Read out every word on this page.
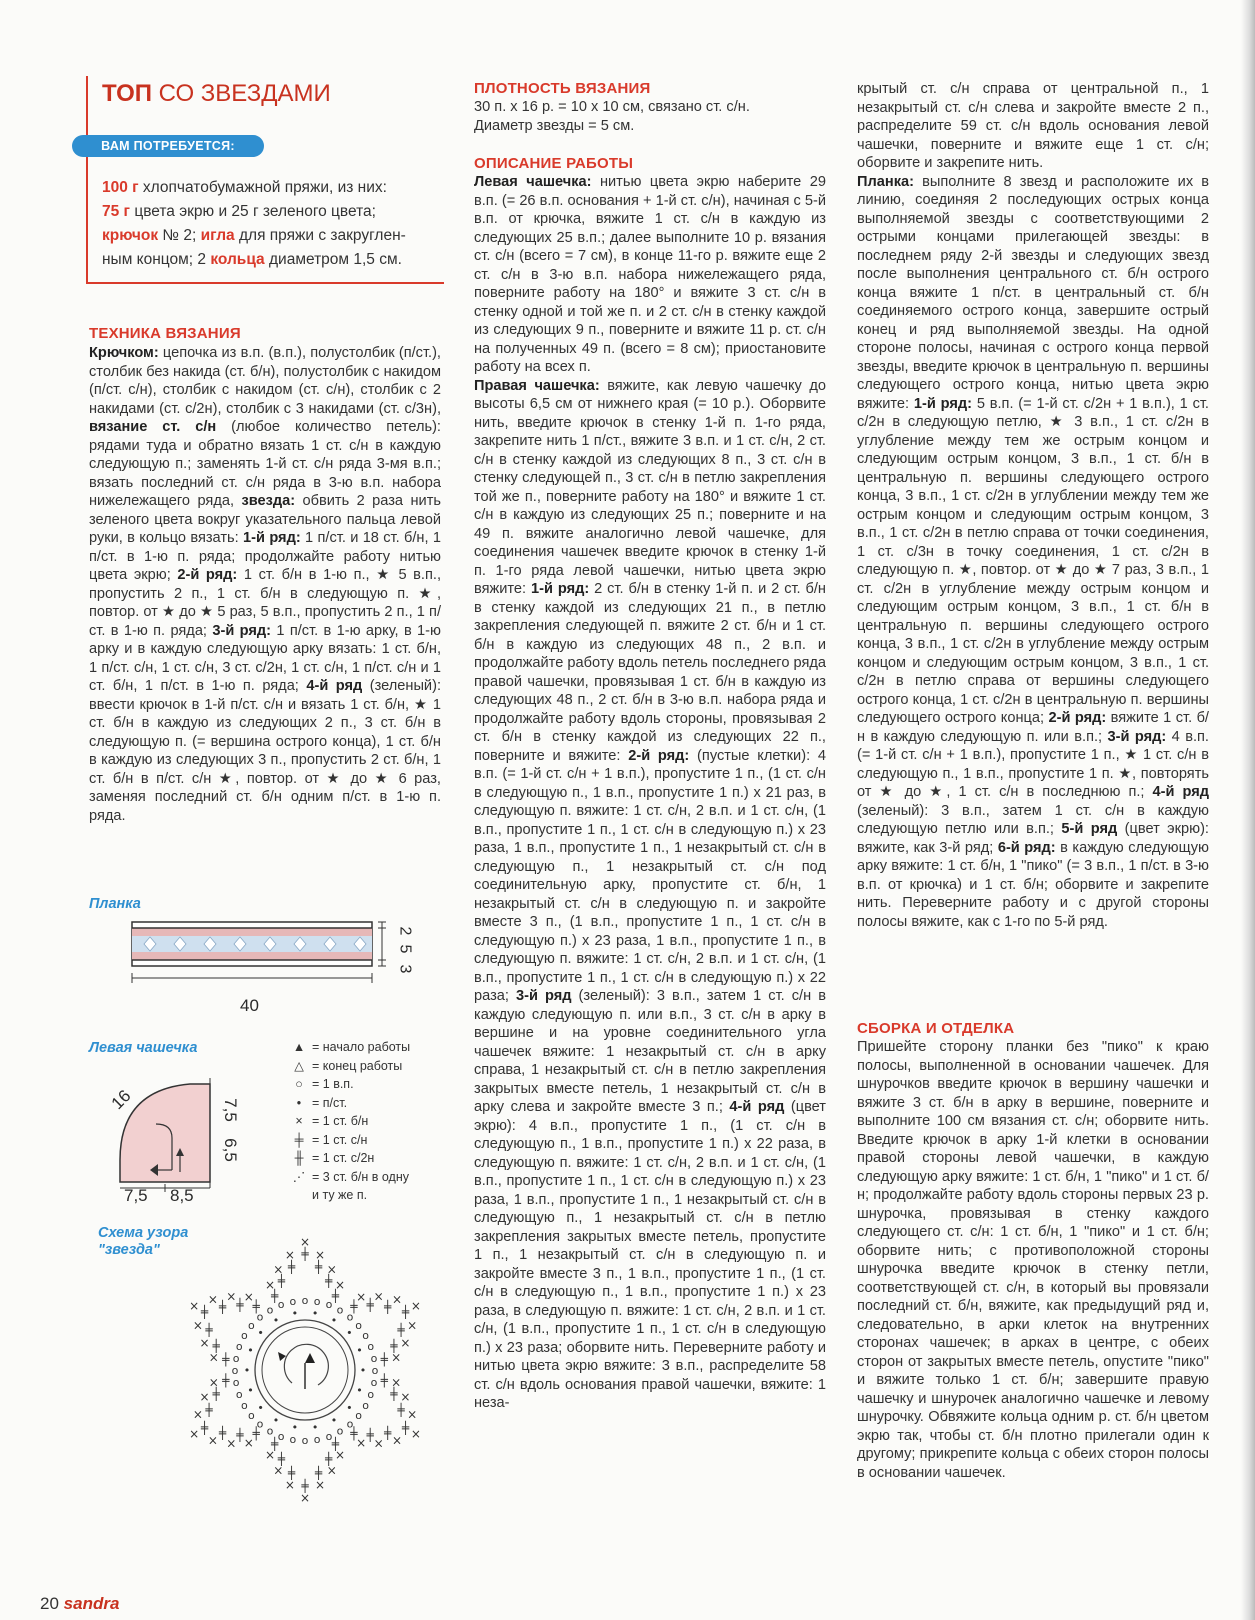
ТОП СО ЗВЕЗДАМИ
ВАМ ПОТРЕБУЕТСЯ:
100 г хлопчатобумажной пряжи, из них:
75 г цвета экрю и 25 г зеленого цвета;
крючок № 2; игла для пряжи с закруглен-
ным концом; 2 кольца диаметром 1,5 см.
ТЕХНИКА ВЯЗАНИЯ
Крючком: цепочка из в.п. (в.п.), полустолбик (п/ст.), столбик без накида (ст. б/н), полустолбик с накидом (п/ст. с/н), столбик с накидом (ст. с/н), столбик с 2 накидами (ст. с/2н), столбик с 3 накидами (ст. с/3н), вязание ст. с/н (любое количество петель): рядами туда и обратно вязать 1 ст. с/н в каждую следующую п.; заменять 1-й ст. с/н ряда 3-мя в.п.; вязать последний ст. с/н ряда в 3-ю в.п. набора нижележащего ряда, звезда: обвить 2 раза нить зеленого цвета вокруг указательного пальца левой руки, в кольцо вязать: 1-й ряд: 1 п/ст. и 18 ст. б/н, 1 п/ст. в 1-ю п. ряда; продолжайте работу нитью цвета экрю; 2-й ряд: 1 ст. б/н в 1-ю п., ★ 5 в.п., пропустить 2 п., 1 ст. б/н в следующую п. ★, повтор. от ★ до ★ 5 раз, 5 в.п., пропустить 2 п., 1 п/ст. в 1-ю п. ряда; 3-й ряд: 1 п/ст. в 1-ю арку, в 1-ю арку и в каждую следующую арку вязать: 1 ст. б/н, 1 п/ст. с/н, 1 ст. с/н, 3 ст. с/2н, 1 ст. с/н, 1 п/ст. с/н и 1 ст. б/н, 1 п/ст. в 1-ю п. ряда; 4-й ряд (зеленый): ввести крючок в 1-й п/ст. с/н и вязать 1 ст. б/н, ★ 1 ст. б/н в каждую из следующих 2 п., 3 ст. б/н в следующую п. (= вершина острого конца), 1 ст. б/н в каждую из следующих 3 п., пропустить 2 ст. б/н, 1 ст. б/н в п/ст. с/н ★, повтор. от ★ до ★ 6 раз, заменяя последний ст. б/н одним п/ст. в 1-ю п. ряда.
Планка
40
2
5
3
Левая чашечка
16	7,5
6,5
7,5 8,5
▲ = начало работы
△ = конец работы
○ = 1 в.п.
• = п/ст.
× = 1 ст. б/н
╪ = 1 ст. с/н
╫ = 1 ст. с/2н
⋰ = 3 ст. б/н в одну
и ту же п.
Схема узора
"звезда"
•
•
•
•
•
•
•
•
•
•
•
•
•
• •
•
•
•
o
o
o
o
o
o
o
o
o
o
o
o
o
o
o
o
o
o
o
o
o
o
o
o
o o o o o o o
o
o
o
o
o
×
╪
×
╪
×
╪
×
╪ ×
╪ ×
╪ ×
╪ ×
╪
×
╪ ×
╪ ×
╪
×
╪
×
╪
×
╪
×
╪
×
╪
×
╪
×
╪
×
╪
×
╪
×
╪
×
╪
×
╪
×
╪
×
╪
×
╪
×
╪
×
╪
×
╪
×
╪
×
╪
× ╪
× ╪
× ╪
× ╪
× ╪
× ╪
× ╪
× ╪
×
╪
×
╪
×
╪
ПЛОТНОСТЬ ВЯЗАНИЯ
30 п. х 16 р. = 10 х 10 см, связано ст. с/н. Диаметр звезды = 5 см.
ОПИСАНИЕ РАБОТЫ
Левая чашечка: нитью цвета экрю наберите 29 в.п. (= 26 в.п. основания + 1-й ст. с/н), начиная с 5-й в.п. от крючка, вяжите 1 ст. с/н в каждую из следующих 25 в.п.; далее выполните 10 р. вязания ст. с/н (всего = 7 см), в конце 11-го р. вяжите еще 2 ст. с/н в 3-ю в.п. набора нижележащего ряда, поверните работу на 180° и вяжите 3 ст. с/н в стенку одной и той же п. и 2 ст. с/н в стенку каждой из следующих 9 п., поверните и вяжите 11 р. ст. с/н на полученных 49 п. (всего = 8 см); приостановите работу на всех п.
Правая чашечка: вяжите, как левую чашечку до высоты 6,5 см от нижнего края (= 10 р.). Оборвите нить, введите крючок в стенку 1-й п. 1-го ряда, закрепите нить 1 п/ст., вяжите 3 в.п. и 1 ст. с/н, 2 ст. с/н в стенку каждой из следующих 8 п., 3 ст. с/н в стенку следующей п., 3 ст. с/н в петлю закрепления той же п., поверните работу на 180° и вяжите 1 ст. с/н в каждую из следующих 25 п.; поверните и на 49 п. вяжите аналогично левой чашечке, для соединения чашечек введите крючок в стенку 1-й п. 1-го ряда левой чашечки, нитью цвета экрю вяжите: 1-й ряд: 2 ст. б/н в стенку 1-й п. и 2 ст. б/н в стенку каждой из следующих 21 п., в петлю закрепления следующей п. вяжите 2 ст. б/н и 1 ст. б/н в каждую из следующих 48 п., 2 в.п. и продолжайте работу вдоль петель последнего ряда правой чашечки, провязывая 1 ст. б/н в каждую из следующих 48 п., 2 ст. б/н в 3-ю в.п. набора ряда и продолжайте работу вдоль стороны, провязывая 2 ст. б/н в стенку каждой из следующих 22 п., поверните и вяжите: 2-й ряд: (пустые клетки): 4 в.п. (= 1-й ст. с/н + 1 в.п.), пропустите 1 п., (1 ст. с/н в следующую п., 1 в.п., пропустите 1 п.) х 21 раз, в следующую п. вяжите: 1 ст. с/н, 2 в.п. и 1 ст. с/н, (1 в.п., пропустите 1 п., 1 ст. с/н в следующую п.) х 23 раза, 1 в.п., пропустите 1 п., 1 незакрытый ст. с/н в следующую п., 1 незакрытый ст. с/н под соединительную арку, пропустите ст. б/н, 1 незакрытый ст. с/н в следующую п. и закройте вместе 3 п., (1 в.п., пропустите 1 п., 1 ст. с/н в следующую п.) х 23 раза, 1 в.п., пропустите 1 п., в следующую п. вяжите: 1 ст. с/н, 2 в.п. и 1 ст. с/н, (1 в.п., пропустите 1 п., 1 ст. с/н в следующую п.) х 22 раза; 3-й ряд (зеленый): 3 в.п., затем 1 ст. с/н в каждую следующую п. или в.п., 3 ст. с/н в арку в вершине и на уровне соединительного угла чашечек вяжите: 1 незакрытый ст. с/н в арку справа, 1 незакрытый ст. с/н в петлю закрепления закрытых вместе петель, 1 незакрытый ст. с/н в арку слева и закройте вместе 3 п.; 4-й ряд (цвет экрю): 4 в.п., пропустите 1 п., (1 ст. с/н в следующую п., 1 в.п., пропустите 1 п.) х 22 раза, в следующую п. вяжите: 1 ст. с/н, 2 в.п. и 1 ст. с/н, (1 в.п., пропустите 1 п., 1 ст. с/н в следующую п.) х 23 раза, 1 в.п., пропустите 1 п., 1 незакрытый ст. с/н в следующую п., 1 незакрытый ст. с/н в петлю закрепления закрытых вместе петель, пропустите 1 п., 1 незакрытый ст. с/н в следующую п. и закройте вместе 3 п., 1 в.п., пропустите 1 п., (1 ст. с/н в следующую п., 1 в.п., пропустите 1 п.) х 23 раза, в следующую п. вяжите: 1 ст. с/н, 2 в.п. и 1 ст. с/н, (1 в.п., пропустите 1 п., 1 ст. с/н в следующую п.) х 23 раза; оборвите нить. Переверните работу и нитью цвета экрю вяжите: 3 в.п., распределите 58 ст. с/н вдоль основания правой чашечки, вяжите: 1 неза-
крытый ст. с/н справа от центральной п., 1 незакрытый ст. с/н слева и закройте вместе 2 п., распределите 59 ст. с/н вдоль основания левой чашечки, поверните и вяжите еще 1 ст. с/н; оборвите и закрепите нить.
Планка: выполните 8 звезд и расположите их в линию, соединяя 2 последующих острых конца выполняемой звезды с соответствующими 2 острыми концами прилегающей звезды: в последнем ряду 2-й звезды и следующих звезд после выполнения центрального ст. б/н острого конца вяжите 1 п/ст. в центральный ст. б/н соединяемого острого конца, завершите острый конец и ряд выполняемой звезды. На одной стороне полосы, начиная с острого конца первой звезды, введите крючок в центральную п. вершины следующего острого конца, нитью цвета экрю вяжите: 1-й ряд: 5 в.п. (= 1-й ст. с/2н + 1 в.п.), 1 ст. с/2н в следующую петлю, ★ 3 в.п., 1 ст. с/2н в углубление между тем же острым концом и следующим острым концом, 3 в.п., 1 ст. б/н в центральную п. вершины следующего острого конца, 3 в.п., 1 ст. с/2н в углублении между тем же острым концом и следующим острым концом, 3 в.п., 1 ст. с/2н в петлю справа от точки соединения, 1 ст. с/3н в точку соединения, 1 ст. с/2н в следующую п. ★, повтор. от ★ до ★ 7 раз, 3 в.п., 1 ст. с/2н в углубление между острым концом и следующим острым концом, 3 в.п., 1 ст. б/н в центральную п. вершины следующего острого конца, 3 в.п., 1 ст. с/2н в углубление между острым концом и следующим острым концом, 3 в.п., 1 ст. с/2н в петлю справа от вершины следующего острого конца, 1 ст. с/2н в центральную п. вершины следующего острого конца; 2-й ряд: вяжите 1 ст. б/н в каждую следующую п. или в.п.; 3-й ряд: 4 в.п. (= 1-й ст. с/н + 1 в.п.), пропустите 1 п., ★ 1 ст. с/н в следующую п., 1 в.п., пропустите 1 п. ★, повторять от ★ до ★, 1 ст. с/н в последнюю п.; 4-й ряд (зеленый): 3 в.п., затем 1 ст. с/н в каждую следующую петлю или в.п.; 5-й ряд (цвет экрю): вяжите, как 3-й ряд; 6-й ряд: в каждую следующую арку вяжите: 1 ст. б/н, 1 "пико" (= 3 в.п., 1 п/ст. в 3-ю в.п. от крючка) и 1 ст. б/н; оборвите и закрепите нить. Переверните работу и с другой стороны полосы вяжите, как с 1-го по 5-й ряд.
СБОРКА И ОТДЕЛКА
Пришейте сторону планки без "пико" к краю полосы, выполненной в основании чашечек. Для шнурочков введите крючок в вершину чашечки и вяжите 3 ст. б/н в арку в вершине, поверните и выполните 100 см вязания ст. с/н; оборвите нить. Введите крючок в арку 1-й клетки в основании правой стороны левой чашечки, в каждую следующую арку вяжите: 1 ст. б/н, 1 "пико" и 1 ст. б/н; продолжайте работу вдоль стороны первых 23 р. шнурочка, провязывая в стенку каждого следующего ст. с/н: 1 ст. б/н, 1 "пико" и 1 ст. б/н; оборвите нить; с противоположной стороны шнурочка введите крючок в стенку петли, соответствующей ст. с/н, в который вы провязали последний ст. б/н, вяжите, как предыдущий ряд и, следовательно, в арки клеток на внутренних сторонах чашечек; в арках в центре, с обеих сторон от закрытых вместе петель, опустите "пико" и вяжите только 1 ст. б/н; завершите правую чашечку и шнурочек аналогично чашечке и левому шнурочку. Обвяжите кольца одним р. ст. б/н цветом экрю так, чтобы ст. б/н плотно прилегали один к другому; прикрепите кольца с обеих сторон полосы в основании чашечек.
20 sandra
